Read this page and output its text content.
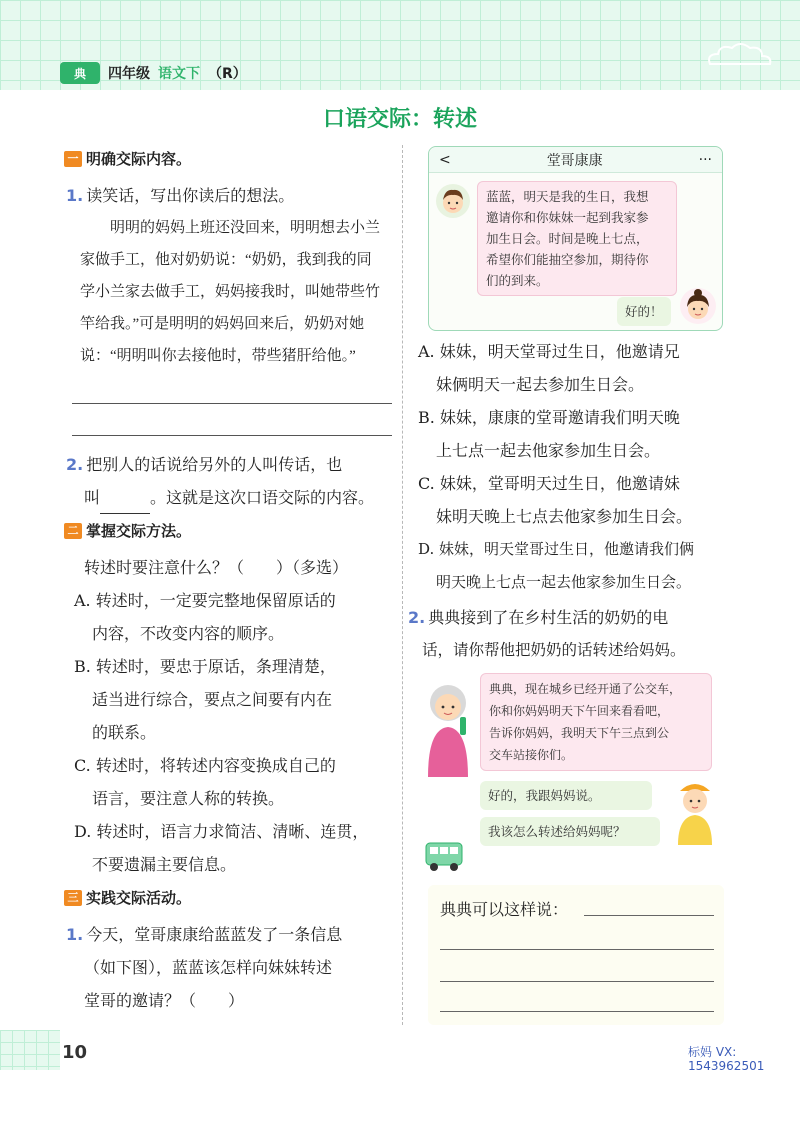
典	四年级 语文下 （R）
口语交际：转述
一 明确交际内容。
1. 读笑话，写出你读后的想法。
明明的妈妈上班还没回来，明明想去小兰家做手工，他对奶奶说：“奶奶，我到我的同学小兰家去做手工，妈妈接我时，叫她带些竹竿给我。”可是明明的妈妈回来后，奶奶对她说：“明明叫你去接他时，带些猪肝给他。”
2. 把别人的话说给另外的人叫传话，也
叫	。这就是这次口语交际的内容。
二 掌握交际方法。
转述时要注意什么？（　　）（多选）
A. 转述时，一定要完整地保留原话的
内容，不改变内容的顺序。
B. 转述时，要忠于原话，条理清楚，
适当进行综合，要点之间要有内在
的联系。
C. 转述时，将转述内容变换成自己的
语言，要注意人称的转换。
D. 转述时，语言力求简洁、清晰、连贯，
不要遗漏主要信息。
三 实践交际活动。
1. 今天，堂哥康康给蓝蓝发了一条信息
（如下图），蓝蓝该怎样向妹妹转述
堂哥的邀请？（　　）
<	堂哥康康	···
蓝蓝，明天是我的生日，我想
邀请你和你妹妹一起到我家参
加生日会。时间是晚上七点，
希望你们能抽空参加，期待你
们的到来。
好的！
A. 妹妹，明天堂哥过生日，他邀请兄
妹俩明天一起去参加生日会。
B. 妹妹，康康的堂哥邀请我们明天晚
上七点一起去他家参加生日会。
C. 妹妹，堂哥明天过生日，他邀请妹
妹明天晚上七点去他家参加生日会。
D. 妹妹，明天堂哥过生日，他邀请我们俩
明天晚上七点一起去他家参加生日会。
2. 典典接到了在乡村生活的奶奶的电
话，请你帮他把奶奶的话转述给妈妈。
典典，现在城乡已经开通了公交车，
你和你妈妈明天下午回来看看吧，
告诉你妈妈，我明天下午三点到公
交车站接你们。
好的，我跟妈妈说。
我该怎么转述给妈妈呢？
典典可以这样说：
10	标妈 VX:
1543962501
